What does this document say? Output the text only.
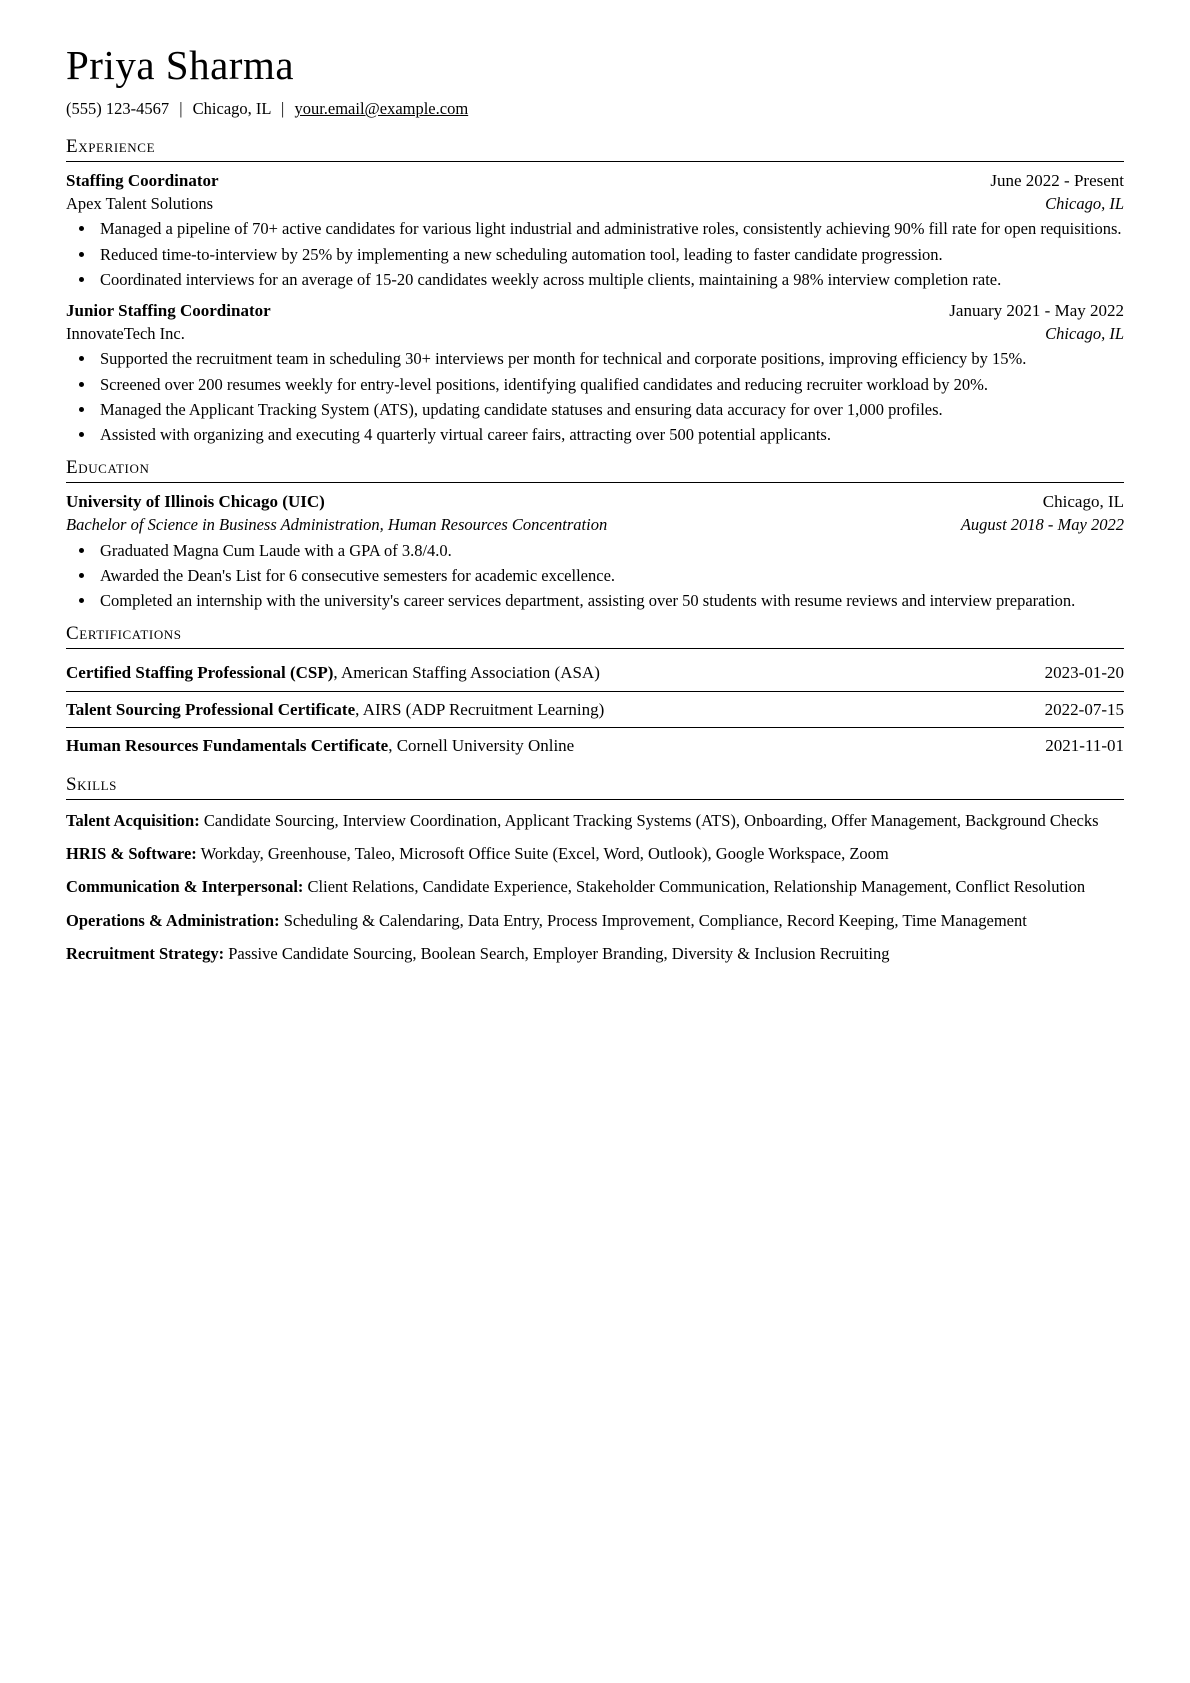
Priya Sharma
(555) 123-4567 | Chicago, IL | your.email@example.com
Experience
Staffing Coordinator	June 2022 - Present
Apex Talent Solutions	Chicago, IL
• Managed a pipeline of 70+ active candidates for various light industrial and administrative roles, consistently achieving 90% fill rate for open requisitions.
• Reduced time-to-interview by 25% by implementing a new scheduling automation tool, leading to faster candidate progression.
• Coordinated interviews for an average of 15-20 candidates weekly across multiple clients, maintaining a 98% interview completion rate.
Junior Staffing Coordinator	January 2021 - May 2022
InnovateTech Inc.	Chicago, IL
• Supported the recruitment team in scheduling 30+ interviews per month for technical and corporate positions, improving efficiency by 15%.
• Screened over 200 resumes weekly for entry-level positions, identifying qualified candidates and reducing recruiter workload by 20%.
• Managed the Applicant Tracking System (ATS), updating candidate statuses and ensuring data accuracy for over 1,000 profiles.
• Assisted with organizing and executing 4 quarterly virtual career fairs, attracting over 500 potential applicants.
Education
University of Illinois Chicago (UIC)	Chicago, IL
Bachelor of Science in Business Administration, Human Resources Concentration	August 2018 - May 2022
• Graduated Magna Cum Laude with a GPA of 3.8/4.0.
• Awarded the Dean's List for 6 consecutive semesters for academic excellence.
• Completed an internship with the university's career services department, assisting over 50 students with resume reviews and interview preparation.
Certifications
Certified Staffing Professional (CSP), American Staffing Association (ASA)	2023-01-20
Talent Sourcing Professional Certificate, AIRS (ADP Recruitment Learning)	2022-07-15
Human Resources Fundamentals Certificate, Cornell University Online	2021-11-01
Skills
Talent Acquisition: Candidate Sourcing, Interview Coordination, Applicant Tracking Systems (ATS), Onboarding, Offer Management, Background Checks
HRIS & Software: Workday, Greenhouse, Taleo, Microsoft Office Suite (Excel, Word, Outlook), Google Workspace, Zoom
Communication & Interpersonal: Client Relations, Candidate Experience, Stakeholder Communication, Relationship Management, Conflict Resolution
Operations & Administration: Scheduling & Calendaring, Data Entry, Process Improvement, Compliance, Record Keeping, Time Management
Recruitment Strategy: Passive Candidate Sourcing, Boolean Search, Employer Branding, Diversity & Inclusion Recruiting
